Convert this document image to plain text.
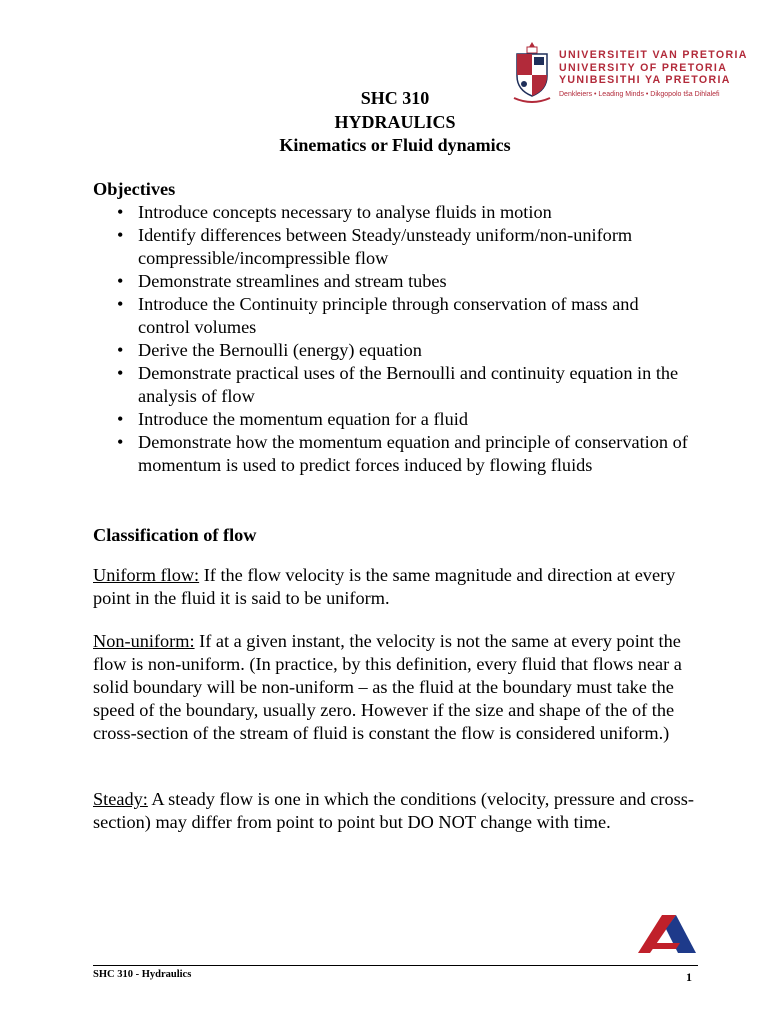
UNIVERSITEIT VAN PRETORIA
UNIVERSITY OF PRETORIA
YUNIBESITHI YA PRETORIA
Denkleiers • Leading Minds • Dikgopolo tša Dihlalefi
SHC 310
HYDRAULICS
Kinematics or Fluid dynamics
Objectives
• Introduce concepts necessary to analyse fluids in motion
• Identify differences between Steady/unsteady uniform/non-uniform compressible/incompressible flow
• Demonstrate streamlines and stream tubes
• Introduce the Continuity principle through conservation of mass and control volumes
• Derive the Bernoulli (energy) equation
• Demonstrate practical uses of the Bernoulli and continuity equation in the analysis of flow
• Introduce the momentum equation for a fluid
• Demonstrate how the momentum equation and principle of conservation of momentum is used to predict forces induced by flowing fluids
Classification of flow

Uniform flow: If the flow velocity is the same magnitude and direction at every point in the fluid it is said to be uniform.

Non-uniform: If at a given instant, the velocity is not the same at every point the flow is non-uniform. (In practice, by this definition, every fluid that flows near a solid boundary will be non-uniform – as the fluid at the boundary must take the speed of the boundary, usually zero. However if the size and shape of the of the cross-section of the stream of fluid is constant the flow is considered uniform.)

Steady: A steady flow is one in which the conditions (velocity, pressure and cross-section) may differ from point to point but DO NOT change with time.

SHC 310 - Hydraulics	1
